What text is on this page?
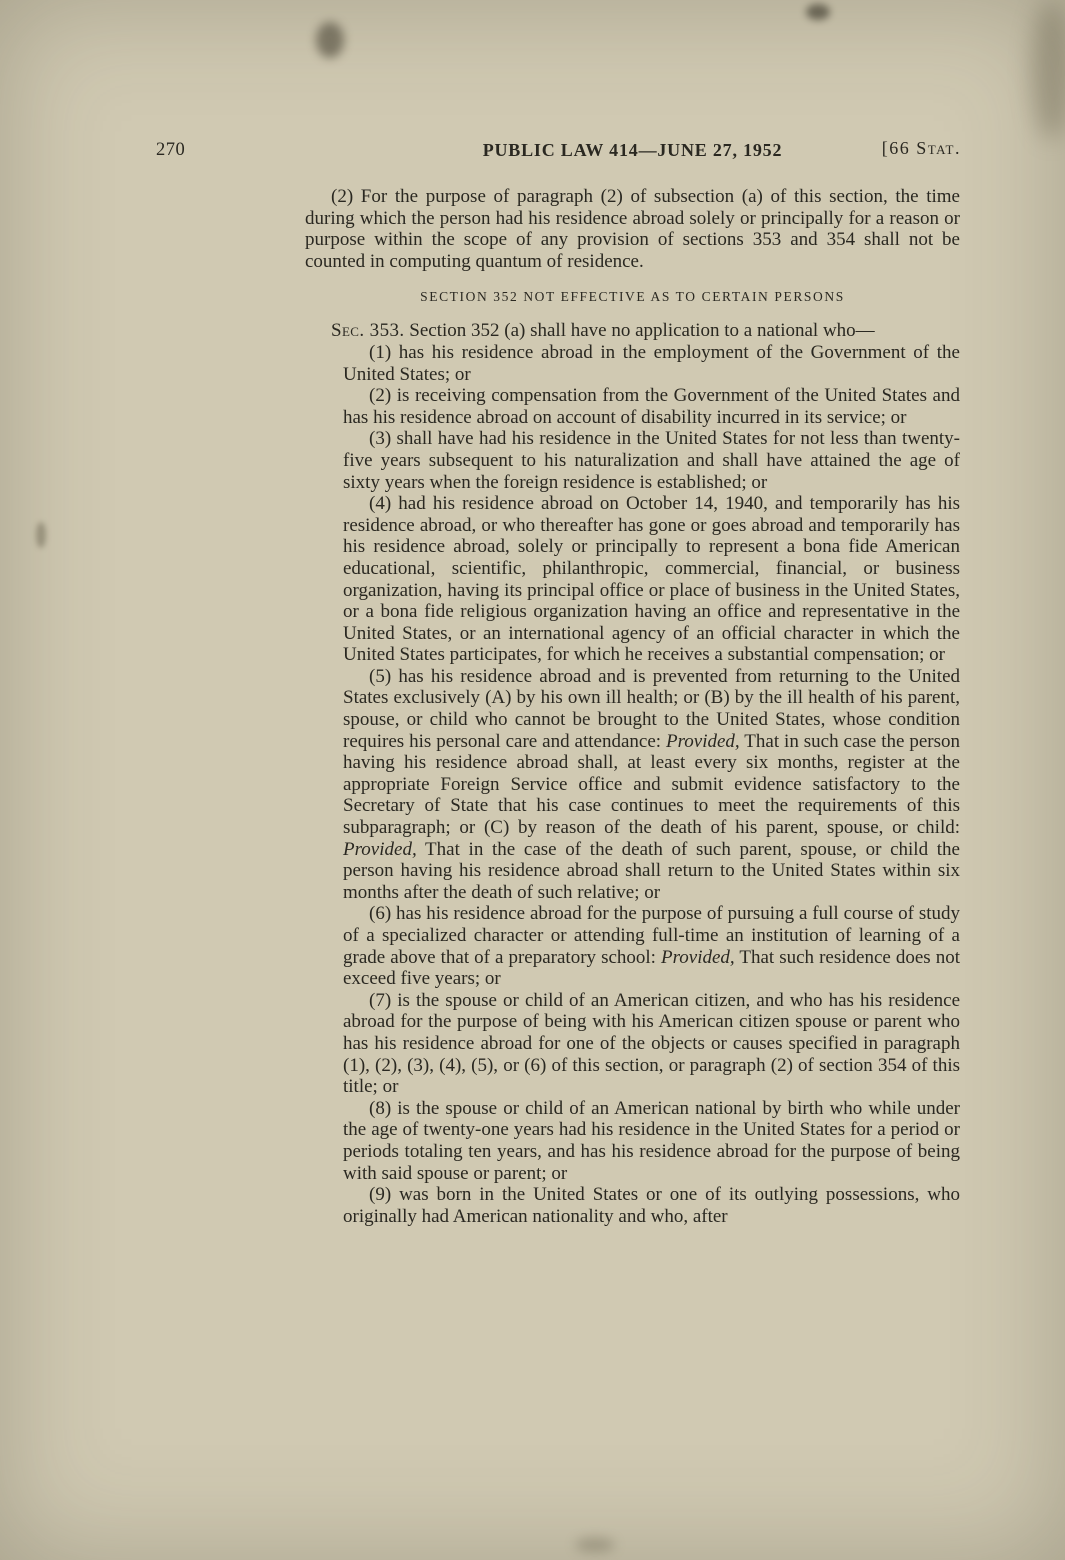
270	PUBLIC LAW 414—JUNE 27, 1952	[66 Stat.

(2) For the purpose of paragraph (2) of subsection (a) of this section, the time during which the person had his residence abroad solely or principally for a reason or purpose within the scope of any provision of sections 353 and 354 shall not be counted in computing quantum of residence.

SECTION 352 NOT EFFECTIVE AS TO CERTAIN PERSONS

Sec. 353. Section 352 (a) shall have no application to a national who—

(1) has his residence abroad in the employment of the Government of the United States; or

(2) is receiving compensation from the Government of the United States and has his residence abroad on account of disability incurred in its service; or

(3) shall have had his residence in the United States for not less than twenty-five years subsequent to his naturalization and shall have attained the age of sixty years when the foreign residence is established; or

(4) had his residence abroad on October 14, 1940, and temporarily has his residence abroad, or who thereafter has gone or goes abroad and temporarily has his residence abroad, solely or principally to represent a bona fide American educational, scientific, philanthropic, commercial, financial, or business organization, having its principal office or place of business in the United States, or a bona fide religious organization having an office and representative in the United States, or an international agency of an official character in which the United States participates, for which he receives a substantial compensation; or

(5) has his residence abroad and is prevented from returning to the United States exclusively (A) by his own ill health; or (B) by the ill health of his parent, spouse, or child who cannot be brought to the United States, whose condition requires his personal care and attendance: Provided, That in such case the person having his residence abroad shall, at least every six months, register at the appropriate Foreign Service office and submit evidence satisfactory to the Secretary of State that his case continues to meet the requirements of this subparagraph; or (C) by reason of the death of his parent, spouse, or child: Provided, That in the case of the death of such parent, spouse, or child the person having his residence abroad shall return to the United States within six months after the death of such relative; or

(6) has his residence abroad for the purpose of pursuing a full course of study of a specialized character or attending full-time an institution of learning of a grade above that of a preparatory school: Provided, That such residence does not exceed five years; or

(7) is the spouse or child of an American citizen, and who has his residence abroad for the purpose of being with his American citizen spouse or parent who has his residence abroad for one of the objects or causes specified in paragraph (1), (2), (3), (4), (5), or (6) of this section, or paragraph (2) of section 354 of this title; or

(8) is the spouse or child of an American national by birth who while under the age of twenty-one years had his residence in the United States for a period or periods totaling ten years, and has his residence abroad for the purpose of being with said spouse or parent; or

(9) was born in the United States or one of its outlying possessions, who originally had American nationality and who, after
